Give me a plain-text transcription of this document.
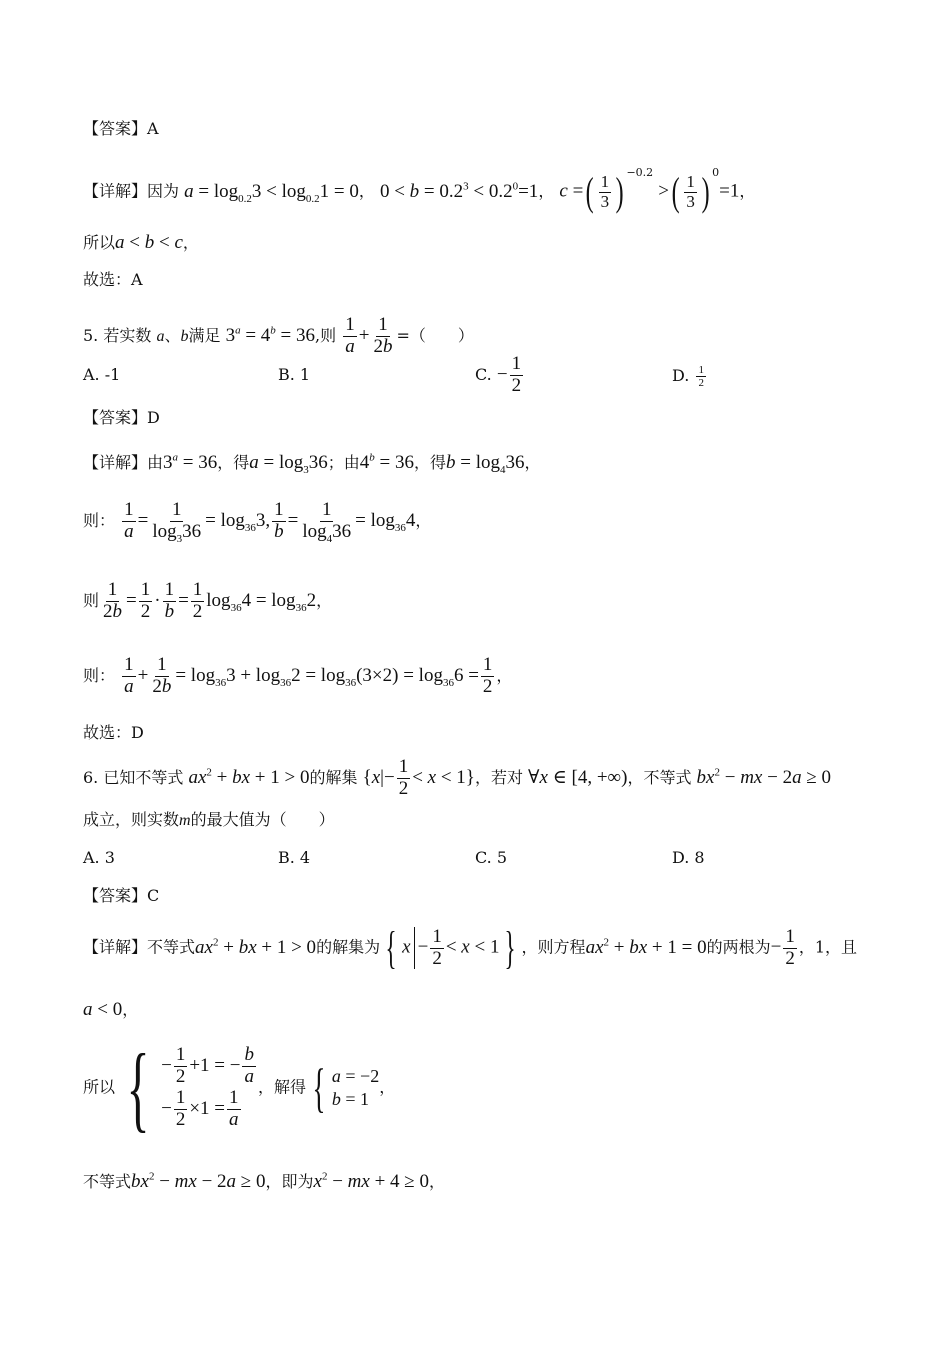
【答案】A
【详解】因为 $a = \log_{0.2}3 < \log_{0.2}1 = 0$， $0 < b = 0.2^3 < 0.2^0=1$， c =( $\frac{1}{3}$ ) $^{-0.2}$ >( $\frac{1}{3}$ ) $^0$=1，
所以a < b < c，
故选：A
5. 若实数 a、b满足 $3^a = 4^b = 36$,则 $\frac{1}{a} + \frac{1}{2b}$ =（　　）
A. -1	B. 1	C. − $\frac{1}{2}$	D. $\frac{1}{2}$
【答案】D
【详解】由$3^a = 36$，得$a = \log_336$；由$4^b = 36$，得$b = \log_436$，
则： $\frac{1}{a} = \frac{1}{\log_336} = \log_{36}3$, $\frac{1}{b} = \frac{1}{\log_436} = \log_{36}4$，
则 $\frac{1}{2b} = \frac{1}{2} \cdot \frac{1}{b} = \frac{1}{2} \log_{36}4 = \log_{36}2$，
则： $\frac{1}{a} + \frac{1}{2b} = \log_{36}3 + \log_{36}2 = \log_{36}(3\times 2) = \log_{36}6 = \frac{1}{2}$ ，
故选：D
6. 已知不等式 $ax^2$ + bx + 1 > 0的解集 $\{x|- \frac{1}{2} < x < 1\}$，若对 ∀x ∈ [4, +∞)，不等式 $bx^2$ − mx − 2a ≥ 0
成立，则实数m的最大值为（　　）
A. 3	B. 4	C. 5	D. 8
【答案】C
【详解】不等式$ax^2$ + bx + 1 > 0的解集为 { $x - \frac{1}{2} < x < 1$ } ，则方程$ax^2$ + bx + 1 = 0的两根为− $\frac{1}{2}$ ，1，且
a < 0，
所以 { − $\frac{1}{2} +1$ = − $\frac{b}{a}$
− $\frac{1}{2} \times 1 = \frac{1}{a}$
，解得 { a = −2
b = 1
，
不等式$bx^2$ − mx − 2a ≥ 0，即为$x^2$ − mx + 4 ≥ 0，
